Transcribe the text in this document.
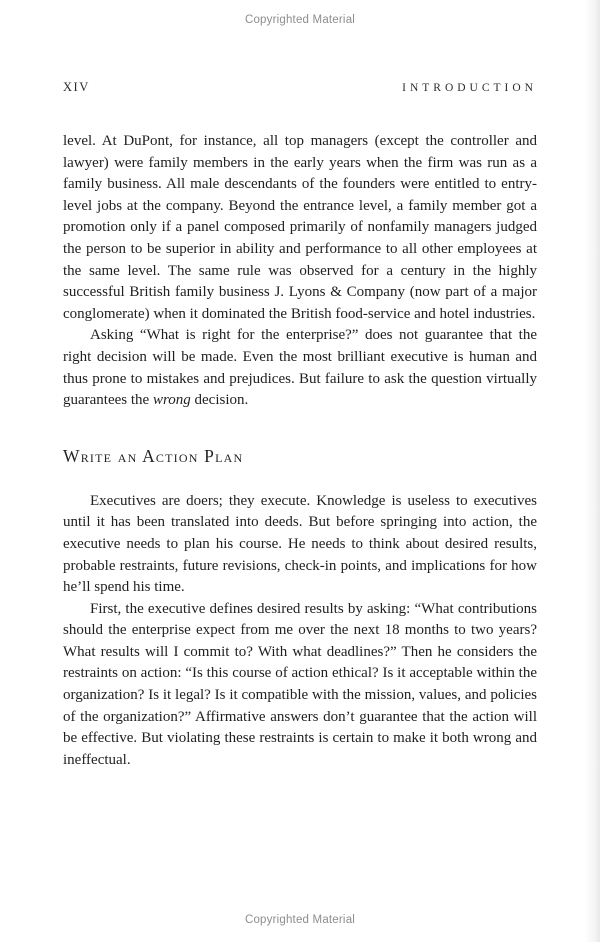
Copyrighted Material
XIV	INTRODUCTION

level. At DuPont, for instance, all top managers (except the controller and lawyer) were family members in the early years when the firm was run as a family business. All male descendants of the founders were entitled to entry-level jobs at the company. Beyond the entrance level, a family member got a promotion only if a panel composed primarily of nonfamily managers judged the person to be superior in ability and performance to all other employees at the same level. The same rule was observed for a century in the highly successful British family business J. Lyons & Company (now part of a major conglomerate) when it dominated the British food-service and hotel industries.

Asking “What is right for the enterprise?” does not guarantee that the right decision will be made. Even the most brilliant executive is human and thus prone to mistakes and prejudices. But failure to ask the question virtually guarantees the wrong decision.

Write an Action Plan

Executives are doers; they execute. Knowledge is useless to executives until it has been translated into deeds. But before springing into action, the executive needs to plan his course. He needs to think about desired results, probable restraints, future revisions, check-in points, and implications for how he’ll spend his time.

First, the executive defines desired results by asking: “What contributions should the enterprise expect from me over the next 18 months to two years? What results will I commit to? With what deadlines?” Then he considers the restraints on action: “Is this course of action ethical? Is it acceptable within the organization? Is it legal? Is it compatible with the mission, values, and policies of the organization?” Affirmative answers don’t guarantee that the action will be effective. But violating these restraints is certain to make it both wrong and ineffectual.

Copyrighted Material
